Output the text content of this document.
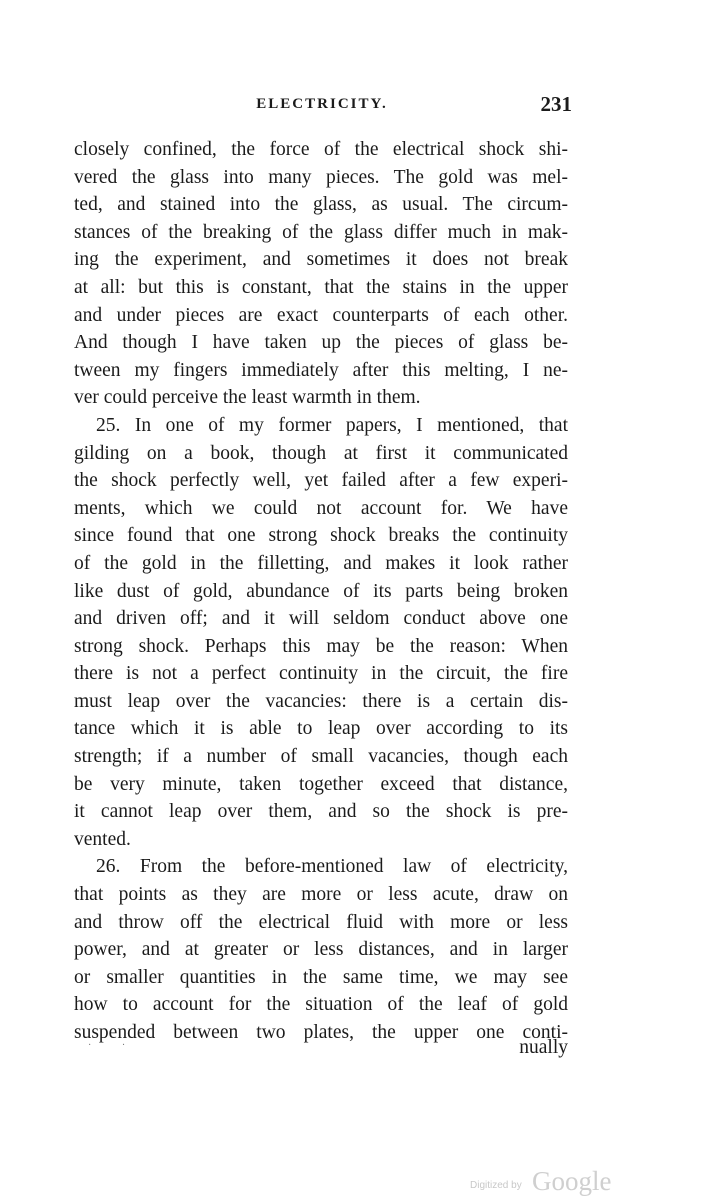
ELECTRICITY.	231
closely confined, the force of the electrical shock shi-
vered the glass into many pieces. The gold was mel-
ted, and stained into the glass, as usual. The circum-
stances of the breaking of the glass differ much in mak-
ing the experiment, and sometimes it does not break
at all: but this is constant, that the stains in the upper
and under pieces are exact counterparts of each other.
And though I have taken up the pieces of glass be-
tween my fingers immediately after this melting, I ne-
ver could perceive the least warmth in them.
25. In one of my former papers, I mentioned, that
gilding on a book, though at first it communicated
the shock perfectly well, yet failed after a few experi-
ments, which we could not account for. We have
since found that one strong shock breaks the continuity
of the gold in the filletting, and makes it look rather
like dust of gold, abundance of its parts being broken
and driven off; and it will seldom conduct above one
strong shock. Perhaps this may be the reason: When
there is not a perfect continuity in the circuit, the fire
must leap over the vacancies: there is a certain dis-
tance which it is able to leap over according to its
strength; if a number of small vacancies, though each
be very minute, taken together exceed that distance,
it cannot leap over them, and so the shock is pre-
vented.
26. From the before-mentioned law of electricity,
that points as they are more or less acute, draw on
and throw off the electrical fluid with more or less
power, and at greater or less distances, and in larger
or smaller quantities in the same time, we may see
how to account for the situation of the leaf of gold
suspended between two plates, the upper one conti-
· ·	nually
Digitized by Google
